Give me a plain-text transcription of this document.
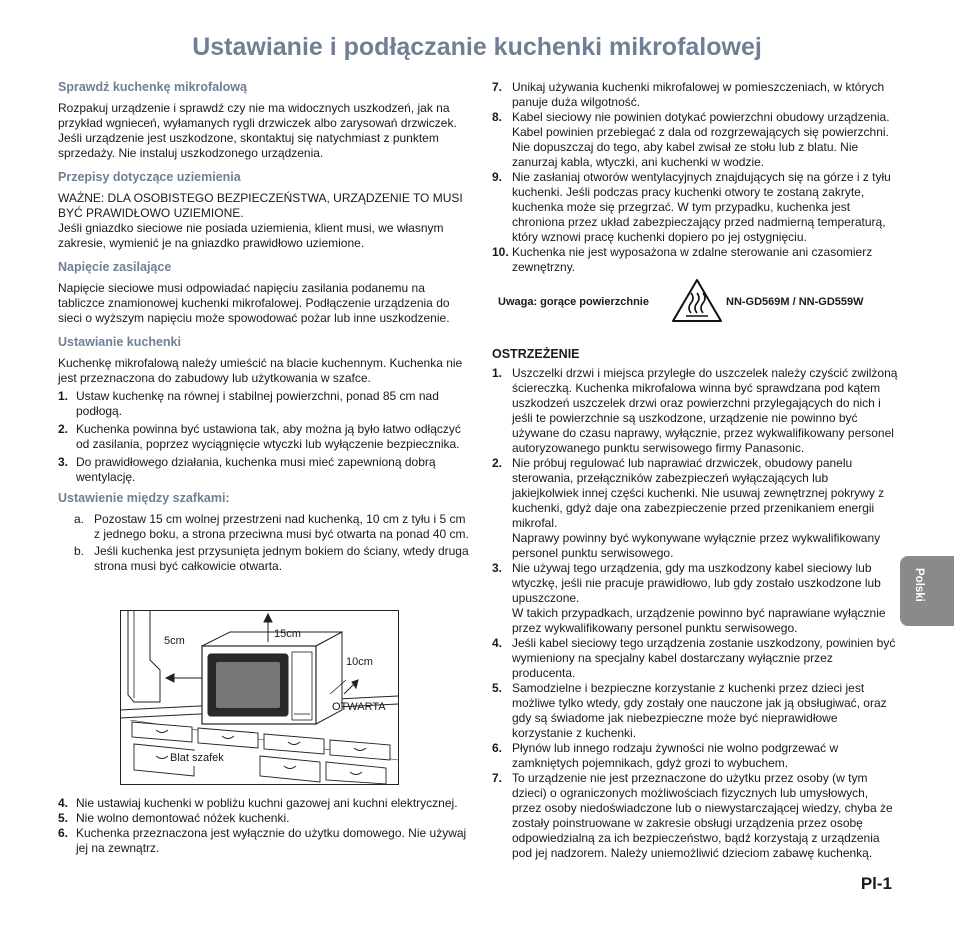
Ustawianie i podłączanie kuchenki mikrofalowej
Sprawdź kuchenkę mikrofalową

Rozpakuj urządzenie i sprawdź czy nie ma widocznych uszkodzeń, jak na przykład wgnieceń, wyłamanych rygli drzwiczek albo zarysowań drzwiczek. Jeśli urządzenie jest uszkodzone, skontaktuj się natychmiast z punktem sprzedaży. Nie instaluj uszkodzonego urządzenia.

Przepisy dotyczące uziemienia

WAŻNE: DLA OSOBISTEGO BEZPIECZEŃSTWA, URZĄDZENIE TO MUSI BYĆ PRAWIDŁOWO UZIEMIONE.

Jeśli gniazdko sieciowe nie posiada uziemienia, klient musi, we własnym zakresie, wymienić je na gniazdko prawidłowo uziemione.

Napięcie zasilające

Napięcie sieciowe musi odpowiadać napięciu zasilania podanemu na tabliczce znamionowej kuchenki mikrofalowej. Podłączenie urządzenia do sieci o wyższym napięciu może spowodować pożar lub inne uszkodzenie.

Ustawianie kuchenki

Kuchenkę mikrofalową należy umieścić na blacie kuchennym. Kuchenka nie jest przeznaczona do zabudowy lub użytkowania w szafce.

1. Ustaw kuchenkę na równej i stabilnej powierzchni, ponad 85 cm nad podłogą.
2. Kuchenka powinna być ustawiona tak, aby można ją było łatwo odłączyć od zasilania, poprzez wyciągnięcie wtyczki lub wyłączenie bezpiecznika.
3. Do prawidłowego działania, kuchenka musi mieć zapewnioną dobrą wentylację.
Ustawienie między szafkami:
a. Pozostaw 15 cm wolnej przestrzeni nad kuchenką, 10 cm z tyłu i 5 cm z jednego boku, a strona przeciwna musi być otwarta na ponad 40 cm.
b. Jeśli kuchenka jest przysunięta jednym bokiem do ściany, wtedy druga strona musi być całkowicie otwarta.
5cm
15cm
10cm
OTWARTA
Blat szafek
4. Nie ustawiaj kuchenki w pobliżu kuchni gazowej ani kuchni elektrycznej.
5. Nie wolno demontować nóżek kuchenki.
6. Kuchenka przeznaczona jest wyłącznie do użytku domowego. Nie używaj jej na zewnątrz.
7. Unikaj używania kuchenki mikrofalowej w pomieszczeniach, w których panuje duża wilgotność.
8. Kabel sieciowy nie powinien dotykać powierzchni obudowy urządzenia. Kabel powinien przebiegać z dala od rozgrzewających się powierzchni. Nie dopuszczaj do tego, aby kabel zwisał ze stołu lub z blatu. Nie zanurzaj kabla, wtyczki, ani kuchenki w wodzie.
9. Nie zasłaniaj otworów wentylacyjnych znajdujących się na górze i z tyłu kuchenki. Jeśli podczas pracy kuchenki otwory te zostaną zakryte, kuchenka może się przegrzać. W tym przypadku, kuchenka jest chroniona przez układ zabezpieczający przed nadmierną temperaturą, który wznowi pracę kuchenki dopiero po jej ostygnięciu.
10. Kuchenka nie jest wyposażona w zdalne sterowanie ani czasomierz zewnętrzny.
Uwaga: gorące powierzchnie	NN-GD569M / NN-GD559W
OSTRZEŻENIE
1. Uszczelki drzwi i miejsca przyległe do uszczelek należy czyścić zwilżoną ściereczką. Kuchenka mikrofalowa winna być sprawdzana pod kątem uszkodzeń uszczelek drzwi oraz powierzchni przylegających do nich i jeśli te powierzchnie są uszkodzone, urządzenie nie powinno być używane do czasu naprawy, wyłącznie, przez wykwalifikowany personel autoryzowanego punktu serwisowego firmy Panasonic.
2. Nie próbuj regulować lub naprawiać drzwiczek, obudowy panelu sterowania, przełączników zabezpieczeń wyłączających lub jakiejkolwiek innej części kuchenki. Nie usuwaj zewnętrznej pokrywy z kuchenki, gdyż daje ona zabezpieczenie przed przenikaniem energii mikrofal.
Naprawy powinny być wykonywane wyłącznie przez wykwalifikowany personel punktu serwisowego.
3. Nie używaj tego urządzenia, gdy ma uszkodzony kabel sieciowy lub wtyczkę, jeśli nie pracuje prawidłowo, lub gdy zostało uszkodzone lub upuszczone.
W takich przypadkach, urządzenie powinno być naprawiane wyłącznie przez wykwalifikowany personel punktu serwisowego.
4. Jeśli kabel sieciowy tego urządzenia zostanie uszkodzony, powinien być wymieniony na specjalny kabel dostarczany wyłącznie przez producenta.
5. Samodzielne i bezpieczne korzystanie z kuchenki przez dzieci jest możliwe tylko wtedy, gdy zostały one nauczone jak ją obsługiwać, oraz gdy są świadome jak niebezpieczne może być nieprawidłowe korzystanie z kuchenki.
6. Płynów lub innego rodzaju żywności nie wolno podgrzewać w zamkniętych pojemnikach, gdyż grozi to wybuchem.
7. To urządzenie nie jest przeznaczone do użytku przez osoby (w tym dzieci) o ograniczonych możliwościach fizycznych lub umysłowych, przez osoby niedoświadczone lub o niewystarczającej wiedzy, chyba że zostały poinstruowane w zakresie obsługi urządzenia przez osobę odpowiedzialną za ich bezpieczeństwo, bądź korzystają z urządzenia pod jej nadzorem. Należy uniemożliwić dzieciom zabawę kuchenką.
Polski
Pl-1
